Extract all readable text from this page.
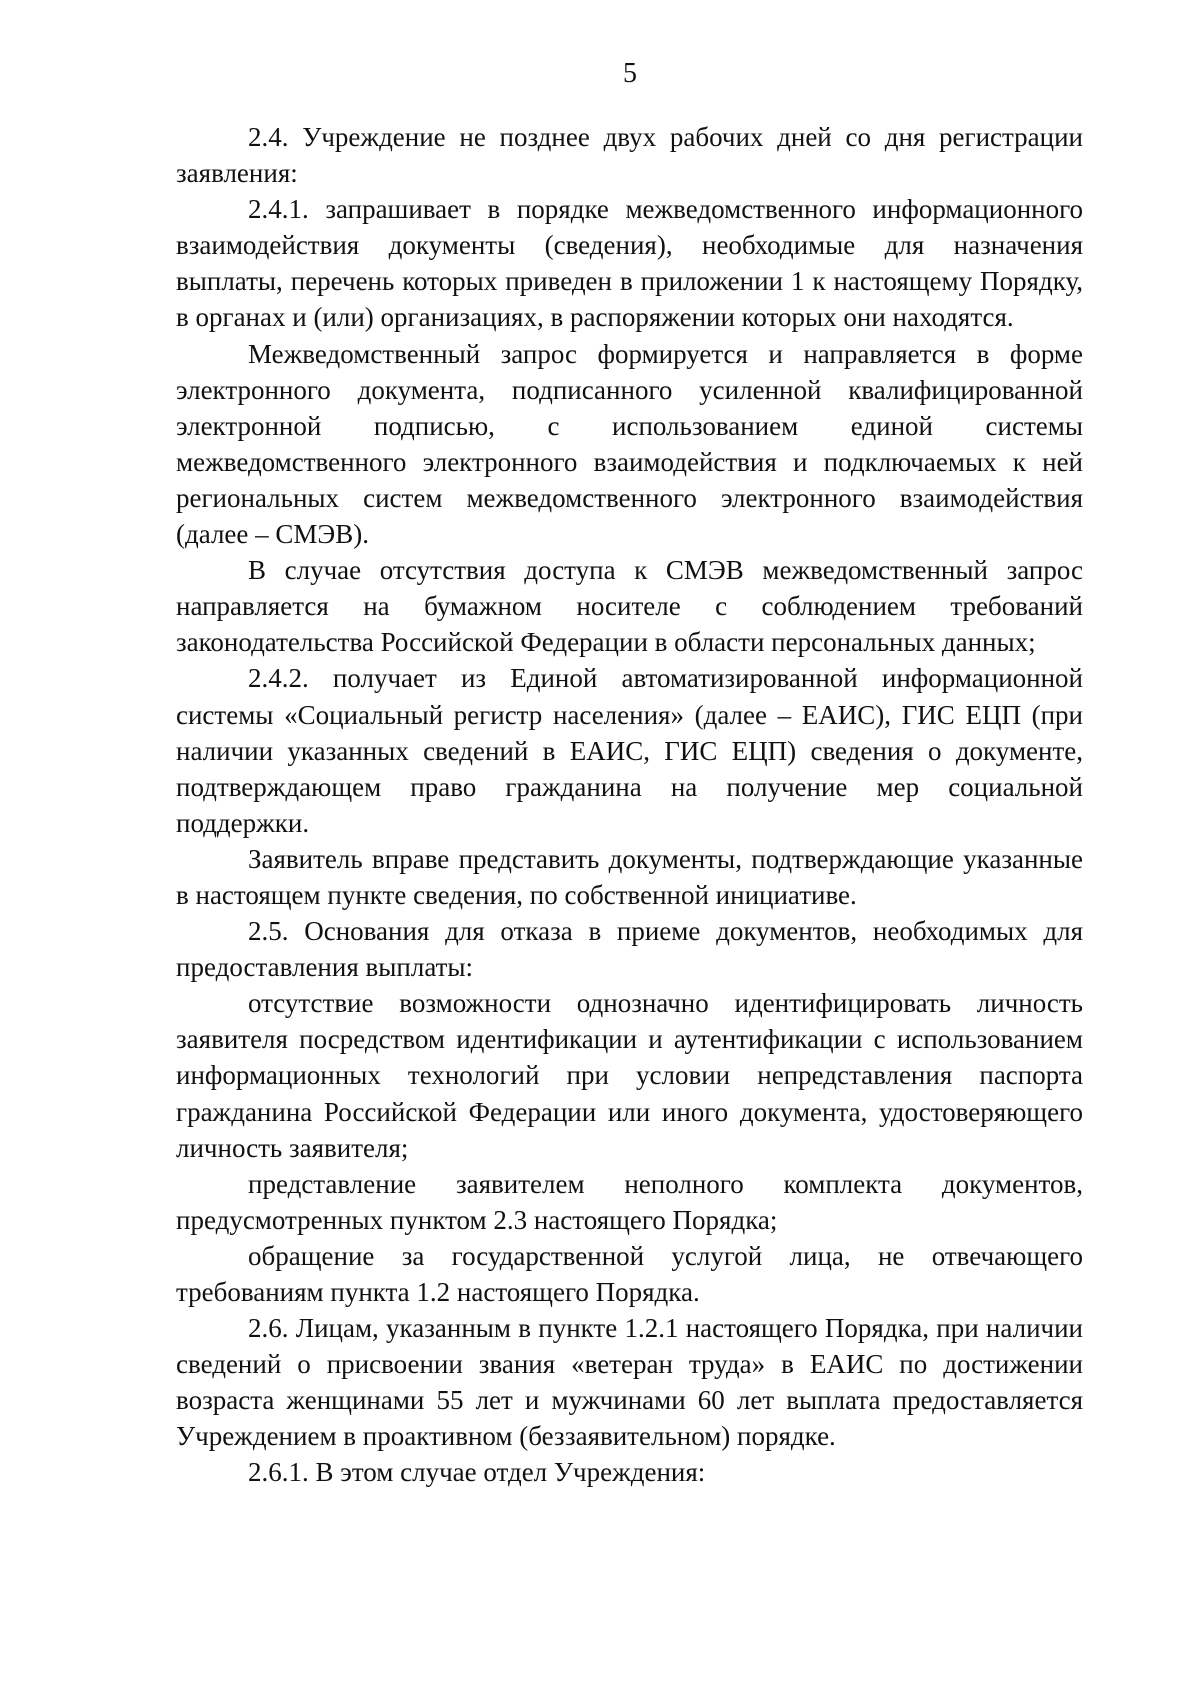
5

2.4. Учреждение не позднее двух рабочих дней со дня регистрации заявления:

2.4.1. запрашивает в порядке межведомственного информационного взаимодействия документы (сведения), необходимые для назначения выплаты, перечень которых приведен в приложении 1 к настоящему Порядку, в органах и (или) организациях, в распоряжении которых они находятся.

Межведомственный запрос формируется и направляется в форме электронного документа, подписанного усиленной квалифицированной электронной подписью, с использованием единой системы межведомственного электронного взаимодействия и подключаемых к ней региональных систем межведомственного электронного взаимодействия (далее – СМЭВ).

В случае отсутствия доступа к СМЭВ межведомственный запрос направляется на бумажном носителе с соблюдением требований законодательства Российской Федерации в области персональных данных;

2.4.2. получает из Единой автоматизированной информационной системы «Социальный регистр населения» (далее – ЕАИС), ГИС ЕЦП (при наличии указанных сведений в ЕАИС, ГИС ЕЦП) сведения о документе, подтверждающем право гражданина на получение мер социальной поддержки.

Заявитель вправе представить документы, подтверждающие указанные в настоящем пункте сведения, по собственной инициативе.

2.5. Основания для отказа в приеме документов, необходимых для предоставления выплаты:

отсутствие возможности однозначно идентифицировать личность заявителя посредством идентификации и аутентификации с использованием информационных технологий при условии непредставления паспорта гражданина Российской Федерации или иного документа, удостоверяющего личность заявителя;

представление заявителем неполного комплекта документов, предусмотренных пунктом 2.3 настоящего Порядка;

обращение за государственной услугой лица, не отвечающего требованиям пункта 1.2 настоящего Порядка.

2.6. Лицам, указанным в пункте 1.2.1 настоящего Порядка, при наличии сведений о присвоении звания «ветеран труда» в ЕАИС по достижении возраста женщинами 55 лет и мужчинами 60 лет выплата предоставляется Учреждением в проактивном (беззаявительном) порядке.

2.6.1. В этом случае отдел Учреждения:
